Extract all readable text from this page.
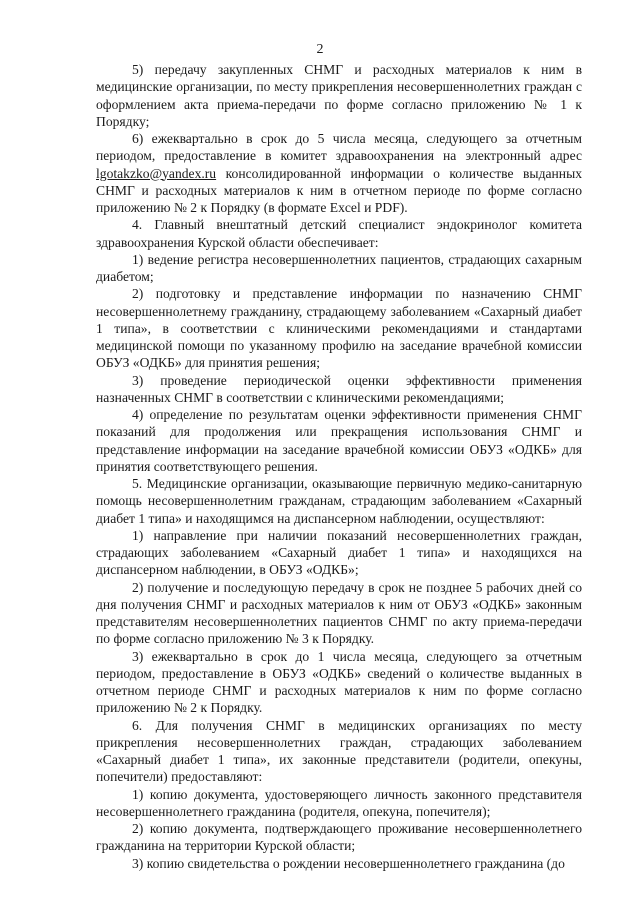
2

5) передачу закупленных СНМГ и расходных материалов к ним в медицинские организации, по месту прикрепления несовершеннолетних граждан с оформлением акта приема-передачи по форме согласно приложению № 1 к Порядку;

6) ежеквартально в срок до 5 числа месяца, следующего за отчетным периодом, предоставление в комитет здравоохранения на электронный адрес lgotakzko@yandex.ru консолидированной информации о количестве выданных СНМГ и расходных материалов к ним в отчетном периоде по форме согласно приложению № 2 к Порядку (в формате Excel и PDF).

4. Главный внештатный детский специалист эндокринолог комитета здравоохранения Курской области обеспечивает:

1) ведение регистра несовершеннолетних пациентов, страдающих сахарным диабетом;

2) подготовку и представление информации по назначению СНМГ несовершеннолетнему гражданину, страдающему заболеванием «Сахарный диабет 1 типа», в соответствии с клиническими рекомендациями и стандартами медицинской помощи по указанному профилю на заседание врачебной комиссии ОБУЗ «ОДКБ» для принятия решения;

3) проведение периодической оценки эффективности применения назначенных СНМГ в соответствии с клиническими рекомендациями;

4) определение по результатам оценки эффективности применения СНМГ показаний для продолжения или прекращения использования СНМГ и представление информации на заседание врачебной комиссии ОБУЗ «ОДКБ» для принятия соответствующего решения.

5. Медицинские организации, оказывающие первичную медико-санитарную помощь несовершеннолетним гражданам, страдающим заболеванием «Сахарный диабет 1 типа» и находящимся на диспансерном наблюдении, осуществляют:

1) направление при наличии показаний несовершеннолетних граждан, страдающих заболеванием «Сахарный диабет 1 типа» и находящихся на диспансерном наблюдении, в ОБУЗ «ОДКБ»;

2) получение и последующую передачу в срок не позднее 5 рабочих дней со дня получения СНМГ и расходных материалов к ним от ОБУЗ «ОДКБ» законным представителям несовершеннолетних пациентов СНМГ по акту приема-передачи по форме согласно приложению № 3 к Порядку.

3) ежеквартально в срок до 1 числа месяца, следующего за отчетным периодом, предоставление в ОБУЗ «ОДКБ» сведений о количестве выданных в отчетном периоде СНМГ и расходных материалов к ним по форме согласно приложению № 2 к Порядку.

6. Для получения СНМГ в медицинских организациях по месту прикрепления несовершеннолетних граждан, страдающих заболеванием «Сахарный диабет 1 типа», их законные представители (родители, опекуны, попечители) предоставляют:

1) копию документа, удостоверяющего личность законного представителя несовершеннолетнего гражданина (родителя, опекуна, попечителя);

2) копию документа, подтверждающего проживание несовершеннолетнего гражданина на территории Курской области;

3) копию свидетельства о рождении несовершеннолетнего гражданина (до
